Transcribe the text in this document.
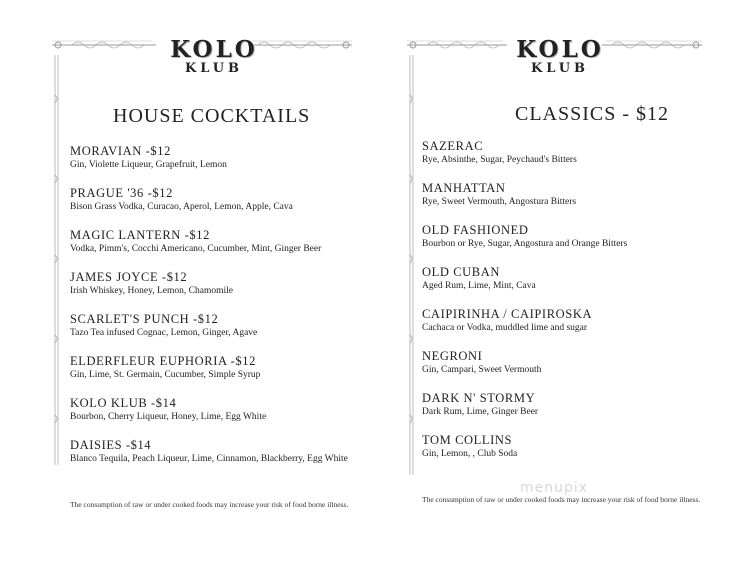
KOLO
KLUB
HOUSE COCKTAILS
MORAVIAN -$12
Gin, Violette Liqueur, Grapefruit, Lemon
PRAGUE '36 -$12
Bison Grass Vodka, Curacao, Aperol, Lemon, Apple, Cava
MAGIC LANTERN -$12
Vodka, Pimm's, Cocchi Americano, Cucumber, Mint, Ginger Beer
JAMES JOYCE -$12
Irish Whiskey, Honey, Lemon, Chamomile
SCARLET'S PUNCH -$12
Tazo Tea infused Cognac, Lemon, Ginger, Agave
ELDERFLEUR EUPHORIA -$12
Gin, Lime, St. Germain, Cucumber, Simple Syrup
KOLO KLUB -$14
Bourbon, Cherry Liqueur, Honey, Lime, Egg White
DAISIES -$14
Blanco Tequila, Peach Liqueur, Lime, Cinnamon, Blackberry, Egg White
The consumption of raw or under cooked foods may increase your risk of food borne illness.
KOLO
KLUB
CLASSICS - $12
SAZERAC
Rye, Absinthe, Sugar, Peychaud's Bitters
MANHATTAN
Rye, Sweet Vermouth, Angostura Bitters
OLD FASHIONED
Bourbon or Rye, Sugar, Angostura and Orange Bitters
OLD CUBAN
Aged Rum, Lime, Mint, Cava
CAIPIRINHA / CAIPIROSKA
Cachaca or Vodka, muddled lime and sugar
NEGRONI
Gin, Campari, Sweet Vermouth
DARK N' STORMY
Dark Rum, Lime, Ginger Beer
TOM COLLINS
Gin, Lemon, , Club Soda
The consumption of raw or under cooked foods may increase your risk of food borne illness.
menupix
